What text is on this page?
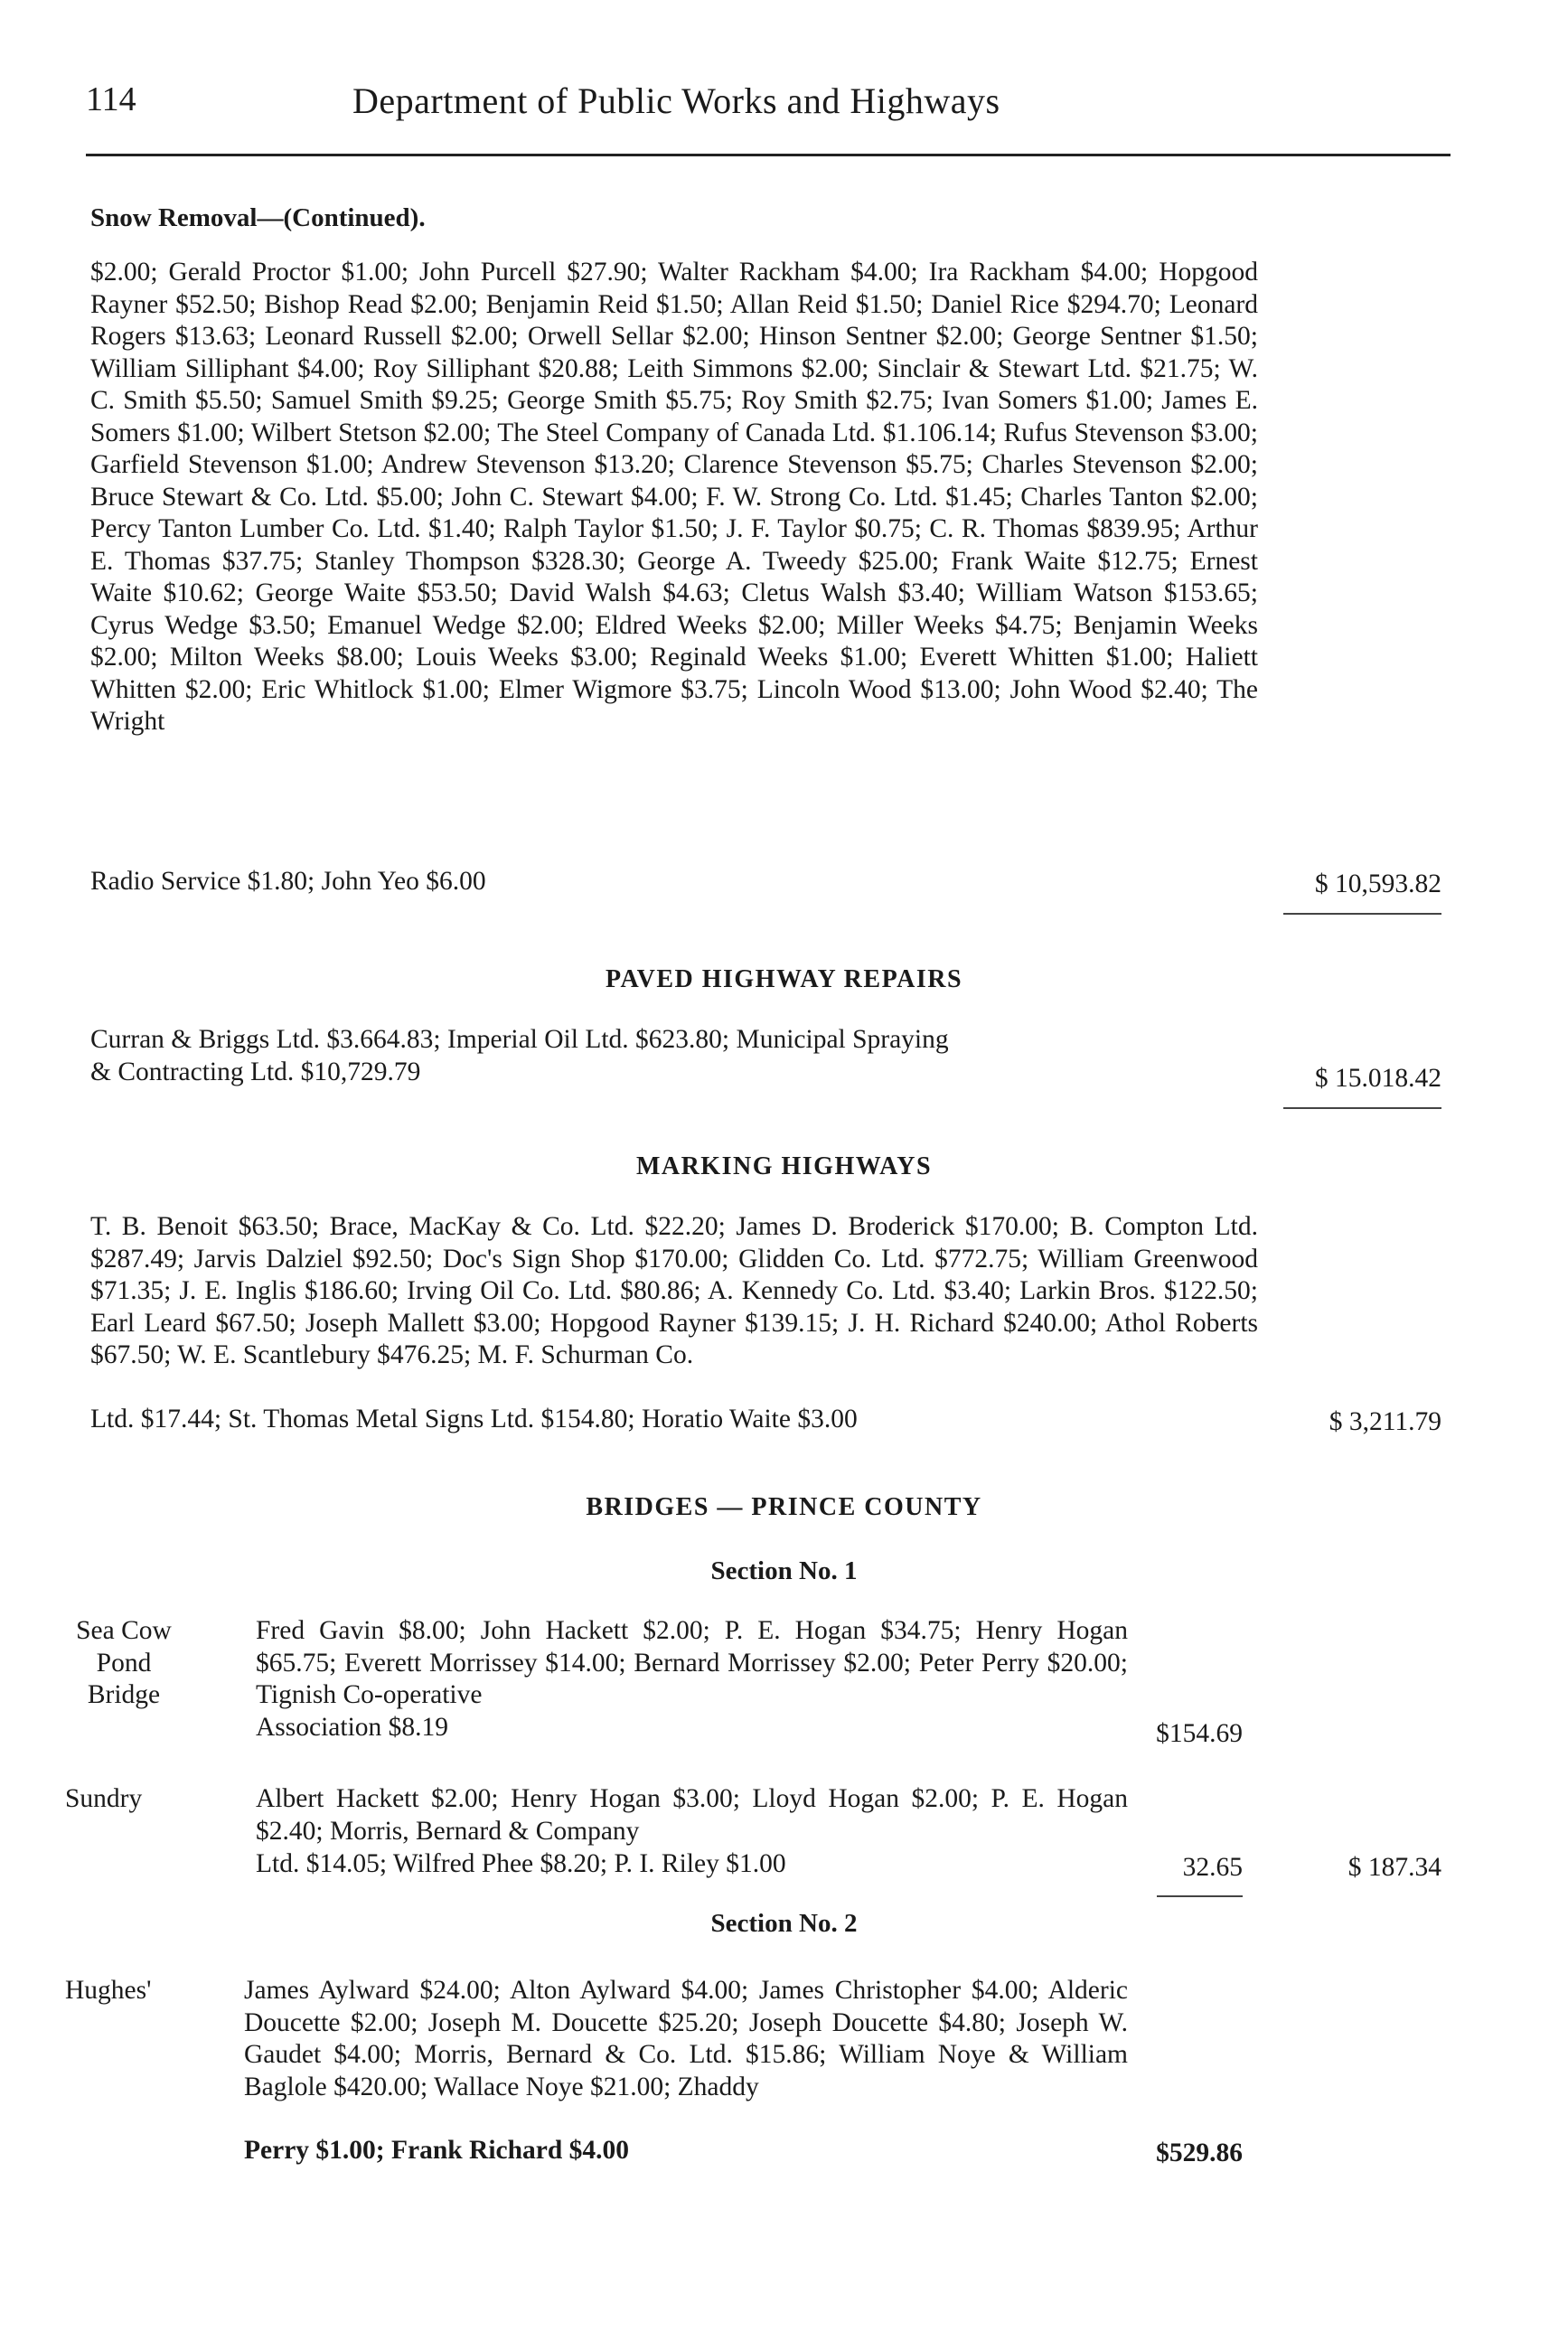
114	Department of Public Works and Highways
Snow Removal—(Continued).
$2.00; Gerald Proctor $1.00; John Purcell $27.90; Walter Rackham $4.00; Ira Rackham $4.00; Hopgood Rayner $52.50; Bishop Read $2.00; Benjamin Reid $1.50; Allan Reid $1.50; Daniel Rice $294.70; Leonard Rogers $13.63; Leonard Russell $2.00; Orwell Sellar $2.00; Hinson Sentner $2.00; George Sentner $1.50; William Silliphant $4.00; Roy Silliphant $20.88; Leith Simmons $2.00; Sinclair & Stewart Ltd. $21.75; W. C. Smith $5.50; Samuel Smith $9.25; George Smith $5.75; Roy Smith $2.75; Ivan Somers $1.00; James E. Somers $1.00; Wilbert Stetson $2.00; The Steel Company of Canada Ltd. $1.106.14; Rufus Stevenson $3.00; Garfield Stevenson $1.00; Andrew Stevenson $13.20; Clarence Stevenson $5.75; Charles Stevenson $2.00; Bruce Stewart & Co. Ltd. $5.00; John C. Stewart $4.00; F. W. Strong Co. Ltd. $1.45; Charles Tanton $2.00; Percy Tanton Lumber Co. Ltd. $1.40; Ralph Taylor $1.50; J. F. Taylor $0.75; C. R. Thomas $839.95; Arthur E. Thomas $37.75; Stanley Thompson $328.30; George A. Tweedy $25.00; Frank Waite $12.75; Ernest Waite $10.62; George Waite $53.50; David Walsh $4.63; Cletus Walsh $3.40; William Watson $153.65; Cyrus Wedge $3.50; Emanuel Wedge $2.00; Eldred Weeks $2.00; Miller Weeks $4.75; Benjamin Weeks $2.00; Milton Weeks $8.00; Louis Weeks $3.00; Reginald Weeks $1.00; Everett Whitten $1.00; Haliett Whitten $2.00; Eric Whitlock $1.00; Elmer Wigmore $3.75; Lincoln Wood $13.00; John Wood $2.40; The Wright
Radio Service $1.80; John Yeo $6.00	$ 10,593.82
PAVED HIGHWAY REPAIRS
Curran & Briggs Ltd. $3.664.83; Imperial Oil Ltd. $623.80; Municipal Spraying
& Contracting Ltd. $10,729.79	$ 15.018.42
MARKING HIGHWAYS
T. B. Benoit $63.50; Brace, MacKay & Co. Ltd. $22.20; James D. Broderick $170.00; B. Compton Ltd. $287.49; Jarvis Dalziel $92.50; Doc's Sign Shop $170.00; Glidden Co. Ltd. $772.75; William Greenwood $71.35; J. E. Inglis $186.60; Irving Oil Co. Ltd. $80.86; A. Kennedy Co. Ltd. $3.40; Larkin Bros. $122.50; Earl Leard $67.50; Joseph Mallett $3.00; Hopgood Rayner $139.15; J. H. Richard $240.00; Athol Roberts $67.50; W. E. Scantlebury $476.25; M. F. Schurman Co.
Ltd. $17.44; St. Thomas Metal Signs Ltd. $154.80; Horatio Waite $3.00	$ 3,211.79
BRIDGES — PRINCE COUNTY
Section No. 1
Sea Cow Pond Bridge
Fred Gavin $8.00; John Hackett $2.00; P. E. Hogan $34.75; Henry Hogan $65.75; Everett Morrissey $14.00; Bernard Morrissey $2.00; Peter Perry $20.00; Tignish Co-operative
Association $8.19	$154.69
Sundry	Albert Hackett $2.00; Henry Hogan $3.00; Lloyd Hogan $2.00; P. E. Hogan $2.40; Morris, Bernard & Company
Ltd. $14.05; Wilfred Phee $8.20; P. I. Riley $1.00	32.65	$ 187.34
Section No. 2
Hughes'	James Aylward $24.00; Alton Aylward $4.00; James Christopher $4.00; Alderic Doucette $2.00; Joseph M. Doucette $25.20; Joseph Doucette $4.80; Joseph W. Gaudet $4.00; Morris, Bernard & Co. Ltd. $15.86; William Noye & William Baglole $420.00; Wallace Noye $21.00; Zhaddy
Perry $1.00; Frank Richard $4.00	$529.86
